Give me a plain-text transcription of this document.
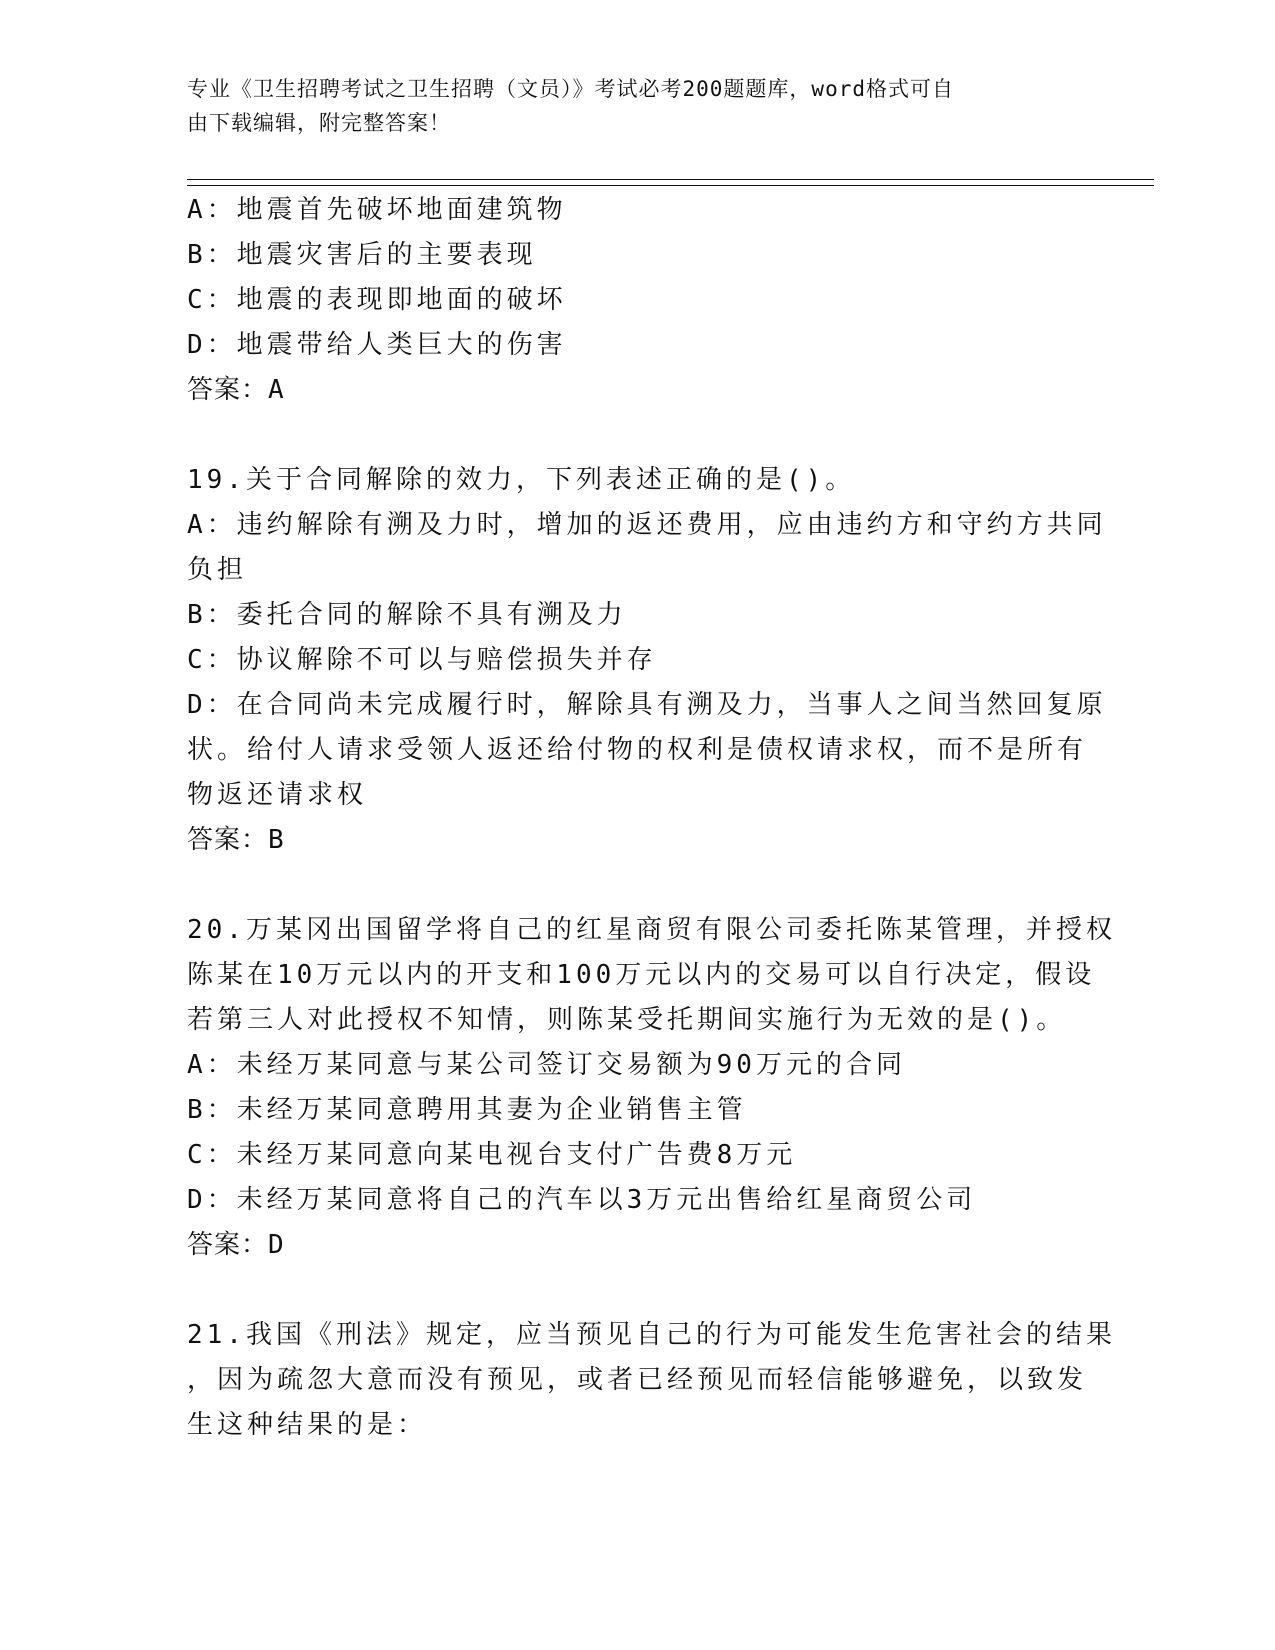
专业《卫生招聘考试之卫生招聘（文员）》考试必考200题题库，word格式可自
由下载编辑，附完整答案！
A：地震首先破坏地面建筑物
B：地震灾害后的主要表现
C：地震的表现即地面的破坏
D：地震带给人类巨大的伤害
答案：A
19.关于合同解除的效力，下列表述正确的是()。
A：违约解除有溯及力时，增加的返还费用，应由违约方和守约方共同
负担
B：委托合同的解除不具有溯及力
C：协议解除不可以与赔偿损失并存
D：在合同尚未完成履行时，解除具有溯及力，当事人之间当然回复原
状。给付人请求受领人返还给付物的权利是债权请求权，而不是所有
物返还请求权
答案：B
20.万某冈出国留学将自己的红星商贸有限公司委托陈某管理，并授权
陈某在10万元以内的开支和100万元以内的交易可以自行决定，假设
若第三人对此授权不知情，则陈某受托期间实施行为无效的是()。
A：未经万某同意与某公司签订交易额为90万元的合同
B：未经万某同意聘用其妻为企业销售主管
C：未经万某同意向某电视台支付广告费8万元
D：未经万某同意将自己的汽车以3万元出售给红星商贸公司
答案：D
21.我国《刑法》规定，应当预见自己的行为可能发生危害社会的结果
，因为疏忽大意而没有预见，或者已经预见而轻信能够避免，以致发
生这种结果的是：
